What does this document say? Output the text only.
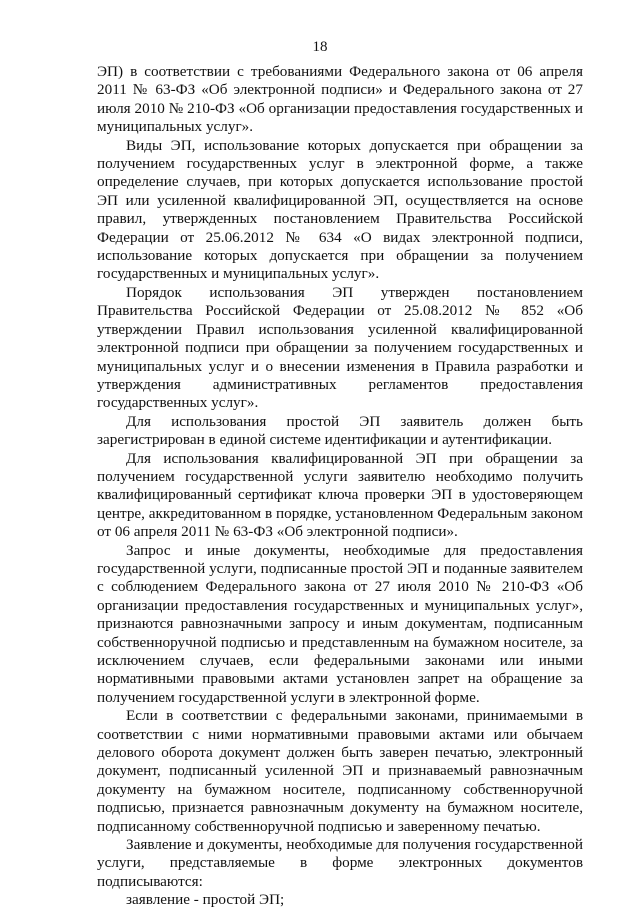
18

ЭП) в соответствии с требованиями Федерального закона от 06 апреля 2011 № 63-ФЗ «Об электронной подписи» и Федерального закона от 27 июля 2010 № 210-ФЗ «Об организации предоставления государственных и муниципальных услуг».

Виды ЭП, использование которых допускается при обращении за получением государственных услуг в электронной форме, а также определение случаев, при которых допускается использование простой ЭП или усиленной квалифицированной ЭП, осуществляется на основе правил, утвержденных постановлением Правительства Российской Федерации от 25.06.2012 № 634 «О видах электронной подписи, использование которых допускается при обращении за получением государственных и муниципальных услуг».

Порядок использования ЭП утвержден постановлением Правительства Российской Федерации от 25.08.2012 № 852 «Об утверждении Правил использования усиленной квалифицированной электронной подписи при обращении за получением государственных и муниципальных услуг и о внесении изменения в Правила разработки и утверждения административных регламентов предоставления государственных услуг».

Для использования простой ЭП заявитель должен быть зарегистрирован в единой системе идентификации и аутентификации.

Для использования квалифицированной ЭП при обращении за получением государственной услуги заявителю необходимо получить квалифицированный сертификат ключа проверки ЭП в удостоверяющем центре, аккредитованном в порядке, установленном Федеральным законом от 06 апреля 2011 № 63-ФЗ «Об электронной подписи».

Запрос и иные документы, необходимые для предоставления государственной услуги, подписанные простой ЭП и поданные заявителем с соблюдением Федерального закона от 27 июля 2010 № 210-ФЗ «Об организации предоставления государственных и муниципальных услуг», признаются равнозначными запросу и иным документам, подписанным собственноручной подписью и представленным на бумажном носителе, за исключением случаев, если федеральными законами или иными нормативными правовыми актами установлен запрет на обращение за получением государственной услуги в электронной форме.

Если в соответствии с федеральными законами, принимаемыми в соответствии с ними нормативными правовыми актами или обычаем делового оборота документ должен быть заверен печатью, электронный документ, подписанный усиленной ЭП и признаваемый равнозначным документу на бумажном носителе, подписанному собственноручной подписью, признается равнозначным документу на бумажном носителе, подписанному собственноручной подписью и заверенному печатью.

Заявление и документы, необходимые для получения государственной услуги, представляемые в форме электронных документов подписываются:

заявление - простой ЭП;
